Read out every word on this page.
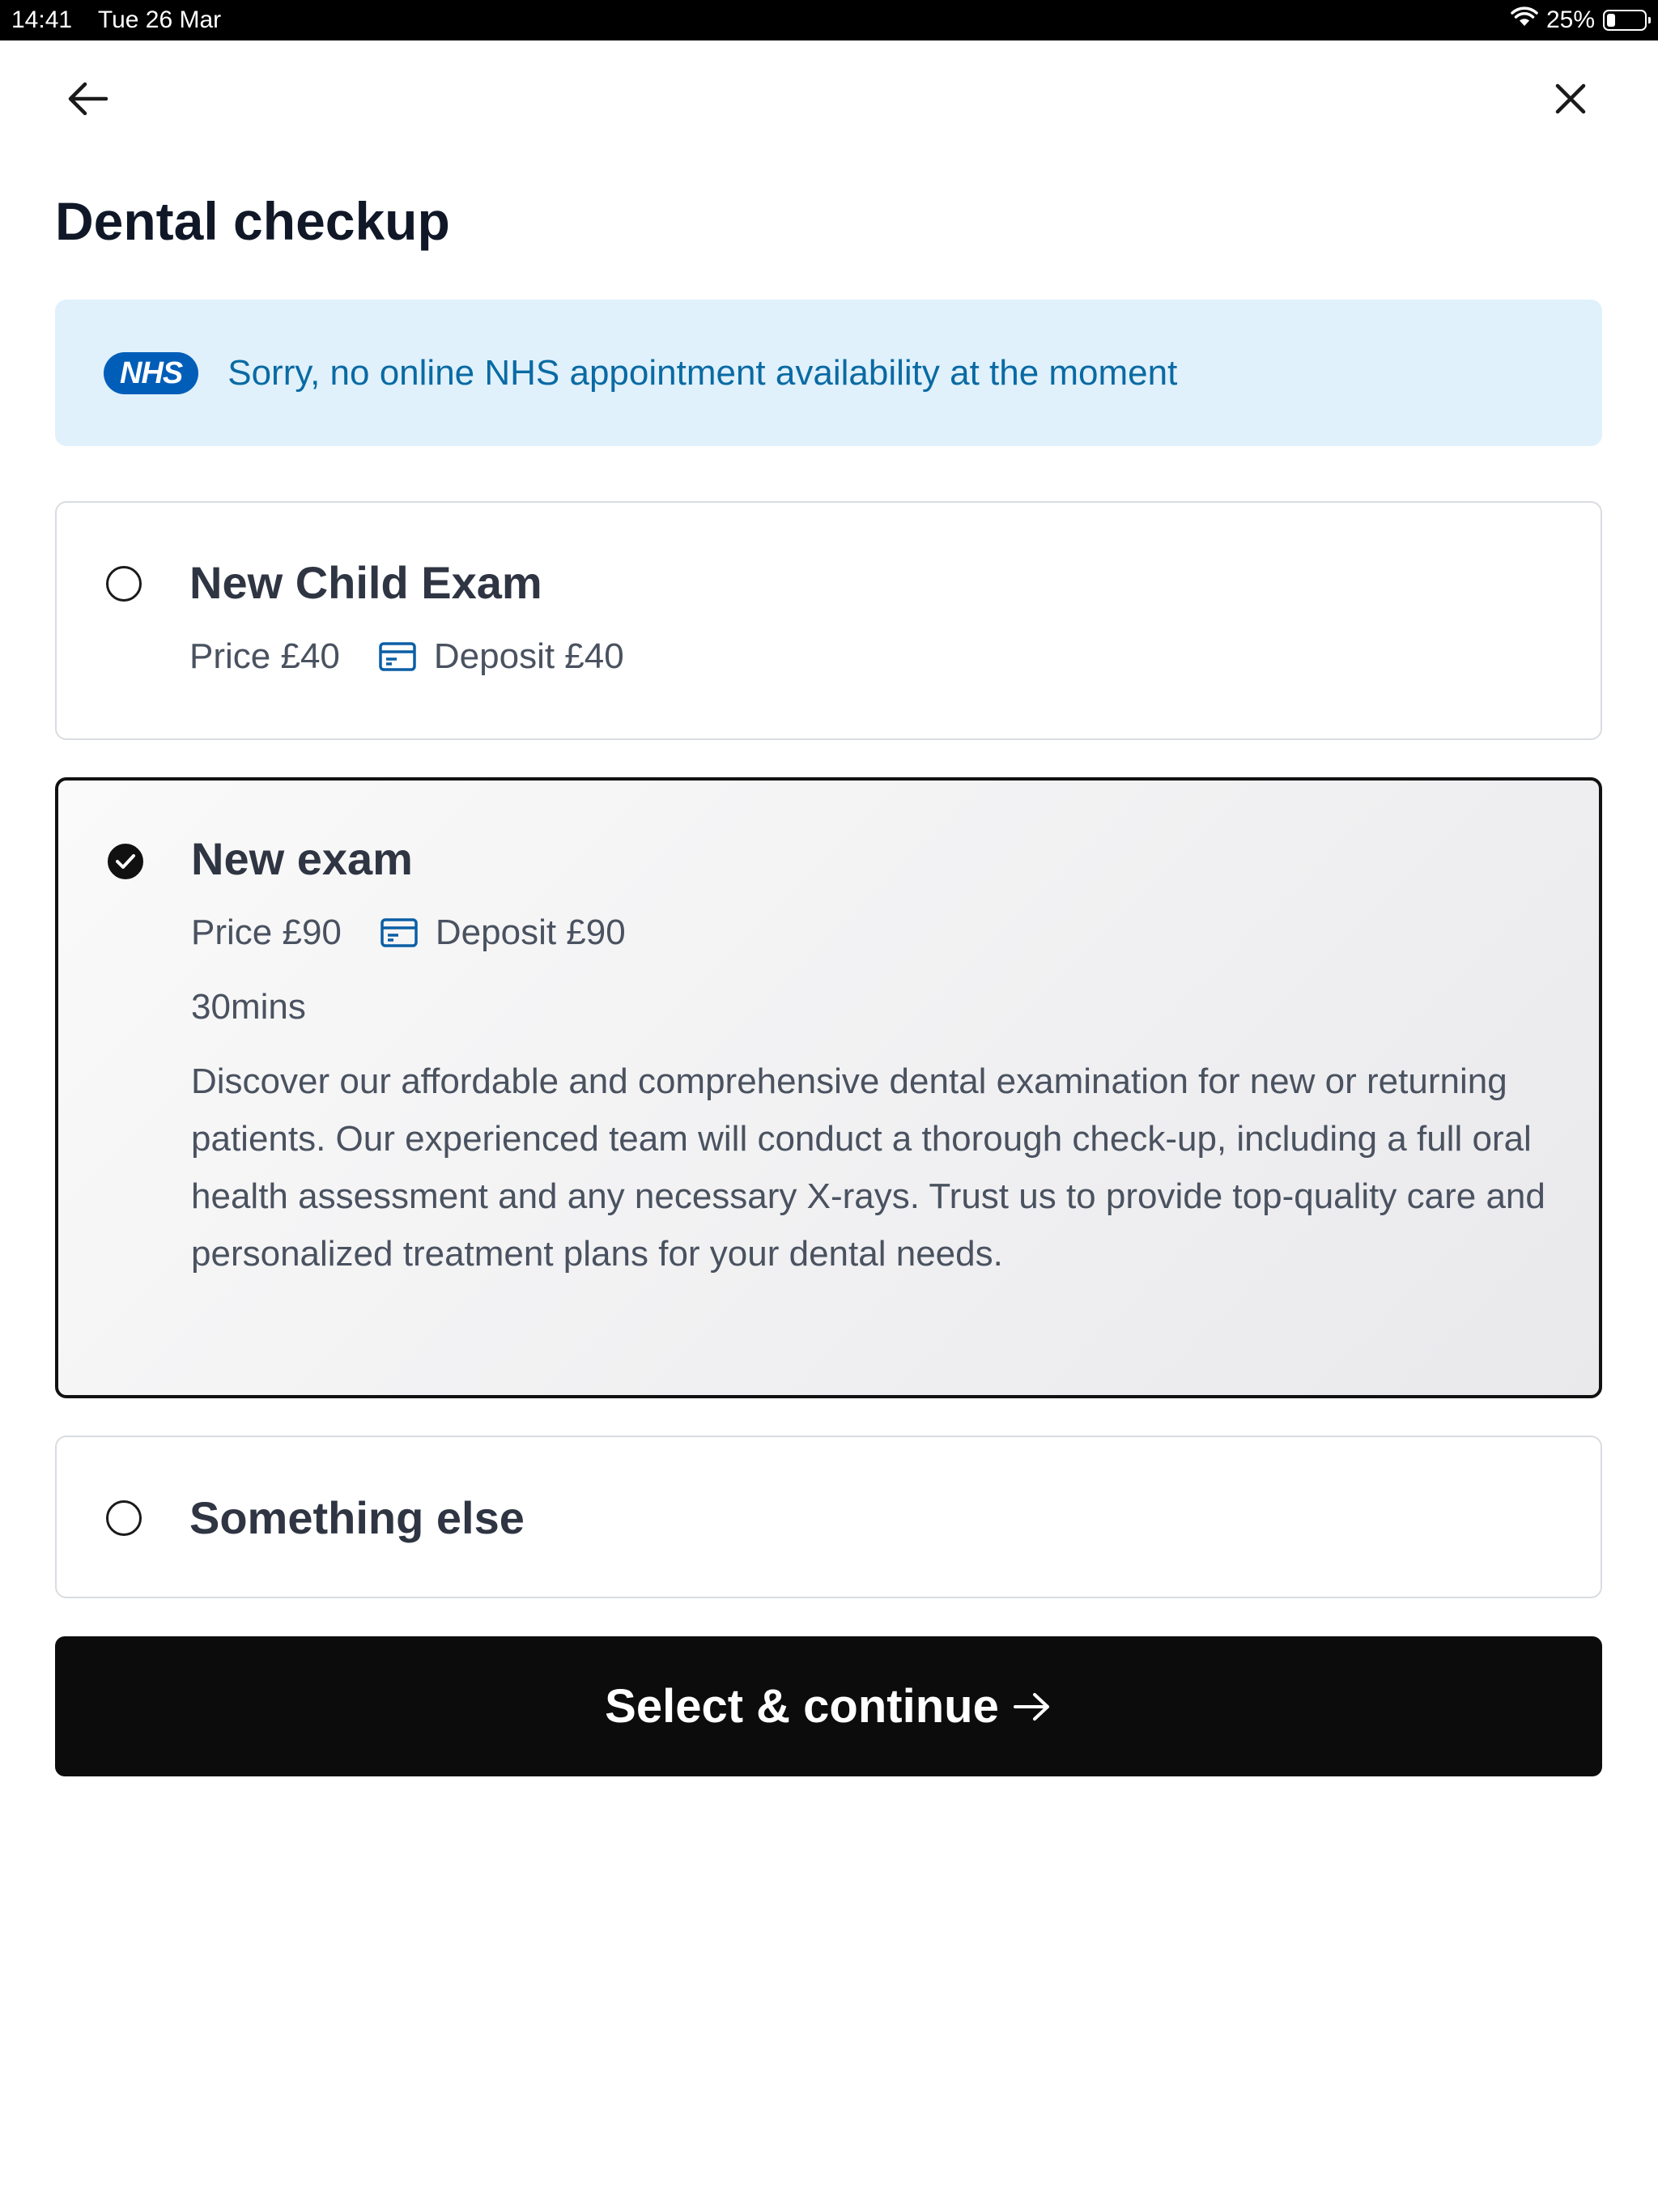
14:41 Tue 26 Mar	25%
Dental checkup
NHS	Sorry, no online NHS appointment availability at the moment
New Child Exam
Price £40	Deposit £40
New exam
Price £90	Deposit £90
30mins
Discover our affordable and comprehensive dental examination for new or returning patients. Our experienced team will conduct a thorough check-up, including a full oral health assessment and any necessary X-rays. Trust us to provide top-quality care and personalized treatment plans for your dental needs.
Something else
Select & continue
